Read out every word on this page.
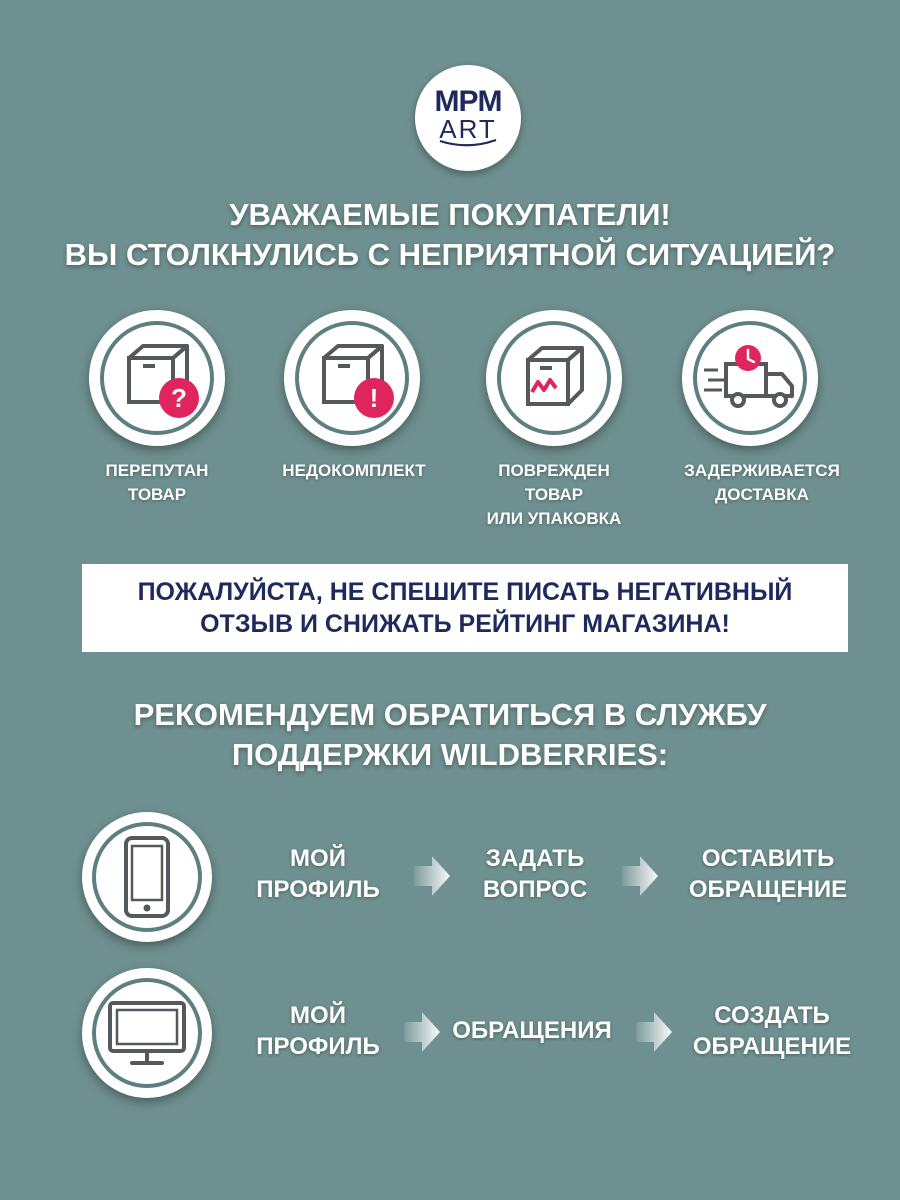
MPM
ART
УВАЖАЕМЫЕ ПОКУПАТЕЛИ!
ВЫ СТОЛКНУЛИСЬ С НЕПРИЯТНОЙ СИТУАЦИЕЙ?
?	!
ПЕРЕПУТАН
ТОВАР
НЕДОКОМПЛЕКТ	ПОВРЕЖДЕН
ТОВАР
ИЛИ УПАКОВКА
ЗАДЕРЖИВАЕТСЯ
ДОСТАВКА
ПОЖАЛУЙСТА, НЕ СПЕШИТЕ ПИСАТЬ НЕГАТИВНЫЙ
ОТЗЫВ И СНИЖАТЬ РЕЙТИНГ МАГАЗИНА!
РЕКОМЕНДУЕМ ОБРАТИТЬСЯ В СЛУЖБУ
ПОДДЕРЖКИ WILDBERRIES:
МОЙ
ПРОФИЛЬ
ЗАДАТЬ
ВОПРОС
ОСТАВИТЬ
ОБРАЩЕНИЕ
МОЙ
ПРОФИЛЬ
ОБРАЩЕНИЯ
СОЗДАТЬ
ОБРАЩЕНИЕ
